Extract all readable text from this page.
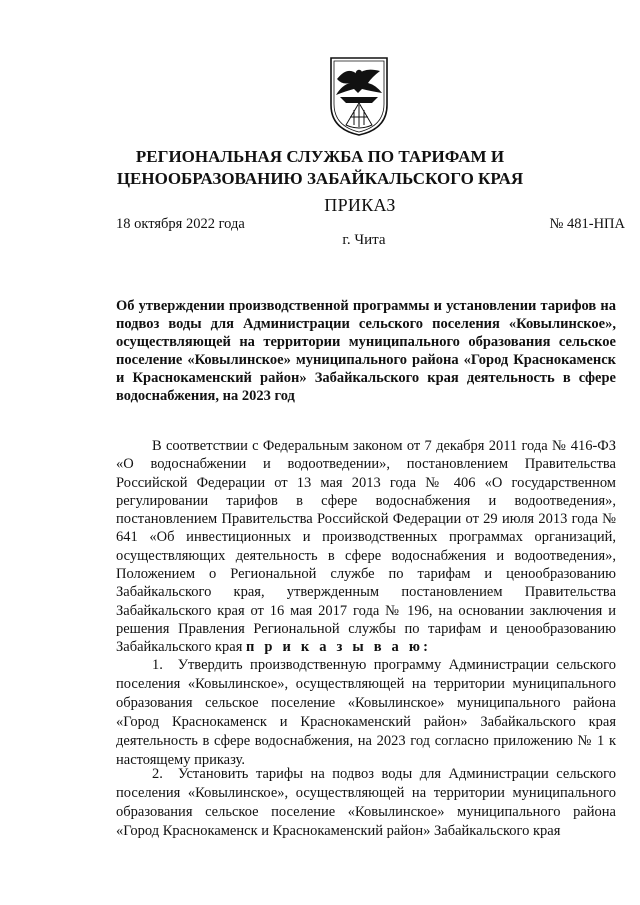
РЕГИОНАЛЬНАЯ СЛУЖБА ПО ТАРИФАМ И
ЦЕНООБРАЗОВАНИЮ ЗАБАЙКАЛЬСКОГО КРАЯ
ПРИКАЗ
18 октября 2022 года	№ 481-НПА
г. Чита
Об утверждении производственной программы и установлении тарифов на подвоз воды для Администрации сельского поселения «Ковылинское», осуществляющей на территории муниципального образования сельское поселение «Ковылинское» муниципального района «Город Краснокаменск и Краснокаменский район» Забайкальского края деятельность в сфере водоснабжения, на 2023 год
В соответствии с Федеральным законом от 7 декабря 2011 года № 416-ФЗ «О водоснабжении и водоотведении», постановлением Правительства Российской Федерации от 13 мая 2013 года № 406 «О государственном регулировании тарифов в сфере водоснабжения и водоотведения», постановлением Правительства Российской Федерации от 29 июля 2013 года № 641 «Об инвестиционных и производственных программах организаций, осуществляющих деятельность в сфере водоснабжения и водоотведения», Положением о Региональной службе по тарифам и ценообразованию Забайкальского края, утвержденным постановлением Правительства Забайкальского края от 16 мая 2017 года № 196, на основании заключения и решения Правления Региональной службы по тарифам и ценообразованию Забайкальского края п р и к а з ы в а ю:
1. Утвердить производственную программу Администрации сельского поселения «Ковылинское», осуществляющей на территории муниципального образования сельское поселение «Ковылинское» муниципального района «Город Краснокаменск и Краснокаменский район» Забайкальского края деятельность в сфере водоснабжения, на 2023 год согласно приложению № 1 к настоящему приказу.
2. Установить тарифы на подвоз воды для Администрации сельского поселения «Ковылинское», осуществляющей на территории муниципального образования сельское поселение «Ковылинское» муниципального района «Город Краснокаменск и Краснокаменский район» Забайкальского края
